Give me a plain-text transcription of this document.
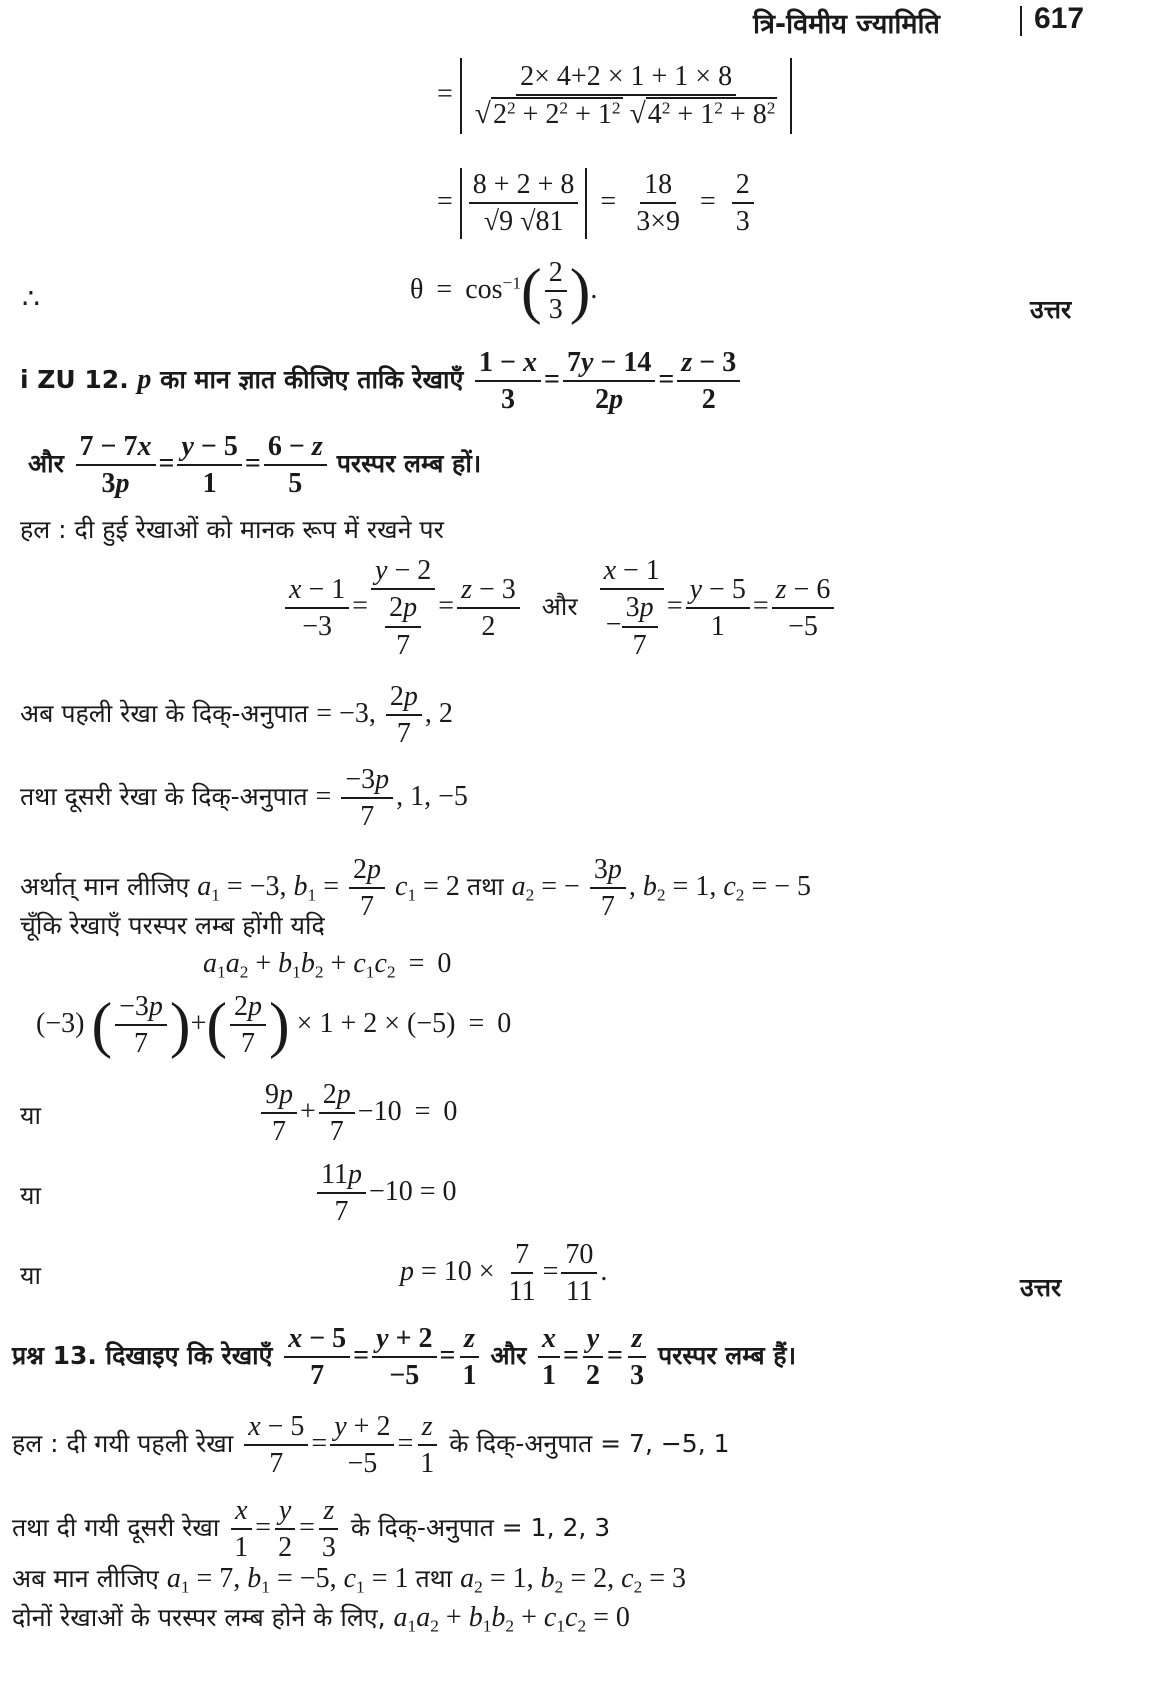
त्रि-विमीय ज्यामिति	617
= $\frac{2\times 4+2 \times 1 + 1 \times 8}{√2^2 + 2^2 + 1^2 √4^2 + 1^2 + 8^2}$
= $\frac{8 + 2 + 8}{√9 √81} = \frac{18}{3\times 9} = \frac{2}{3}$
∴	$\theta = \cos^{-1}( \frac{2}{3}$ ).
उत्तर
i ZU 12. p का मान ज्ञात कीजिए ताकि रेखाएँ $\frac{1 - x}{3} = \frac{7y - 14}{2p} = \frac{z - 3}{2}$
और $\frac{7 - 7x}{3p} = \frac{y - 5}{1} = \frac{6 - z}{5}$ परस्पर लम्ब हों।
हल : दी हुई रेखाओं को मानक रूप में रखने पर
$\frac{x - 1}{-3} = \frac{y - 2}{\frac{2p}{7}} = \frac{z - 3}{2}$ और $\frac{x - 1}{- \frac{3p}{7}} = \frac{y - 5}{1} = \frac{z - 6}{-5}$
अब पहली रेखा के दिक्-अनुपात = −3, $\frac{2p}{7}$ , 2
तथा दूसरी रेखा के दिक्-अनुपात = $\frac{-3p}{7}$ , 1, −5
अर्थात् मान लीजिए $a_1 = -3$, $b_1 = \frac{2p}{7} c_1 = 2$ तथा $a_2$ = − $\frac{3p}{7}$ , $b_2 = 1$, $c_2$ = − 5
चूँकि रेखाएँ परस्पर लम्ब होंगी यदि
$a_1a_2 + b_1b_2 + c_1c_2 = 0$
(−3) ( $\frac{-3p}{7}$ )+( $\frac{2p}{7}$ ) × 1 + 2 × (−5) = 0
या	$\frac{9p}{7} + \frac{2p}{7} -10 = 0$
या	$\frac{11p}{7} -10 = 0$
या	$p = 10 \times \frac{7}{11} = \frac{70}{11}$ .
उत्तर
प्रश्न 13. दिखाइए कि रेखाएँ $\frac{x - 5}{7} = \frac{y + 2}{-5} = \frac{z}{1}$ और $\frac{x}{1} = \frac{y}{2} = \frac{z}{3}$ परस्पर लम्ब हैं।
हल : दी गयी पहली रेखा $\frac{x - 5}{7} = \frac{y + 2}{-5} = \frac{z}{1}$ के दिक्-अनुपात = 7, −5, 1
तथा दी गयी दूसरी रेखा $\frac{x}{1} = \frac{y}{2} = \frac{z}{3}$ के दिक्-अनुपात = 1, 2, 3
अब मान लीजिए $a_1 = 7$, $b_1 = -5$, $c_1 = 1$ तथा $a_2 = 1$, $b_2 = 2$, $c_2 = 3$
दोनों रेखाओं के परस्पर लम्ब होने के लिए, $a_1a_2 + b_1b_2 + c_1c_2 = 0$
